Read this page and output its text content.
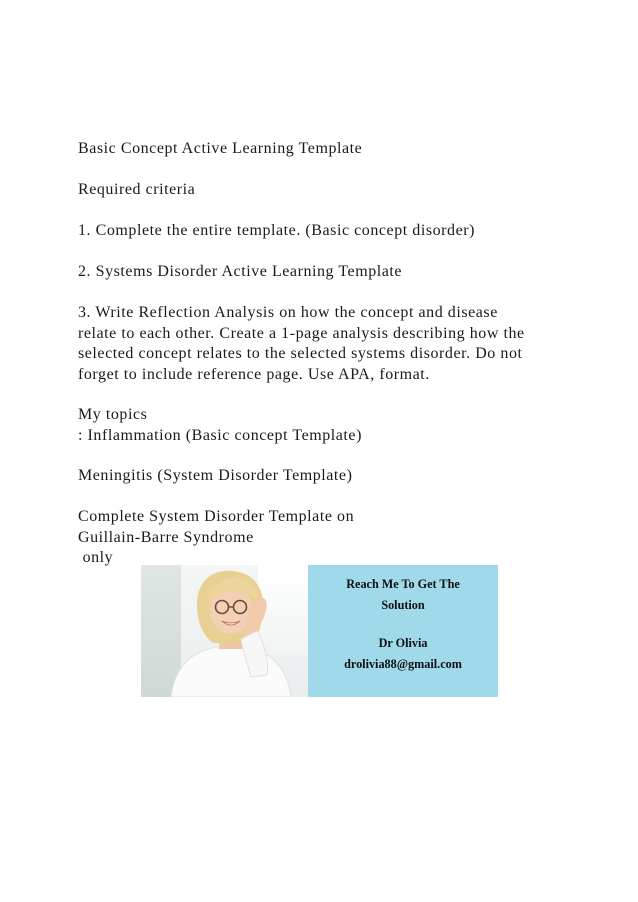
Basic Concept Active Learning Template

Required criteria

1. Complete the entire template. (Basic concept disorder)

2. Systems Disorder Active Learning Template

3. Write Reflection Analysis on how the concept and disease

relate to each other. Create a 1-page analysis describing how the

selected concept relates to the selected systems disorder. Do not

forget to include reference page. Use APA, format.

My topics

: Inflammation (Basic concept Template)

Meningitis (System Disorder Template)

Complete System Disorder Template on

Guillain-Barre Syndrome

only

Reach Me To Get The
Solution
Dr Olivia
drolivia88@gmail.com
